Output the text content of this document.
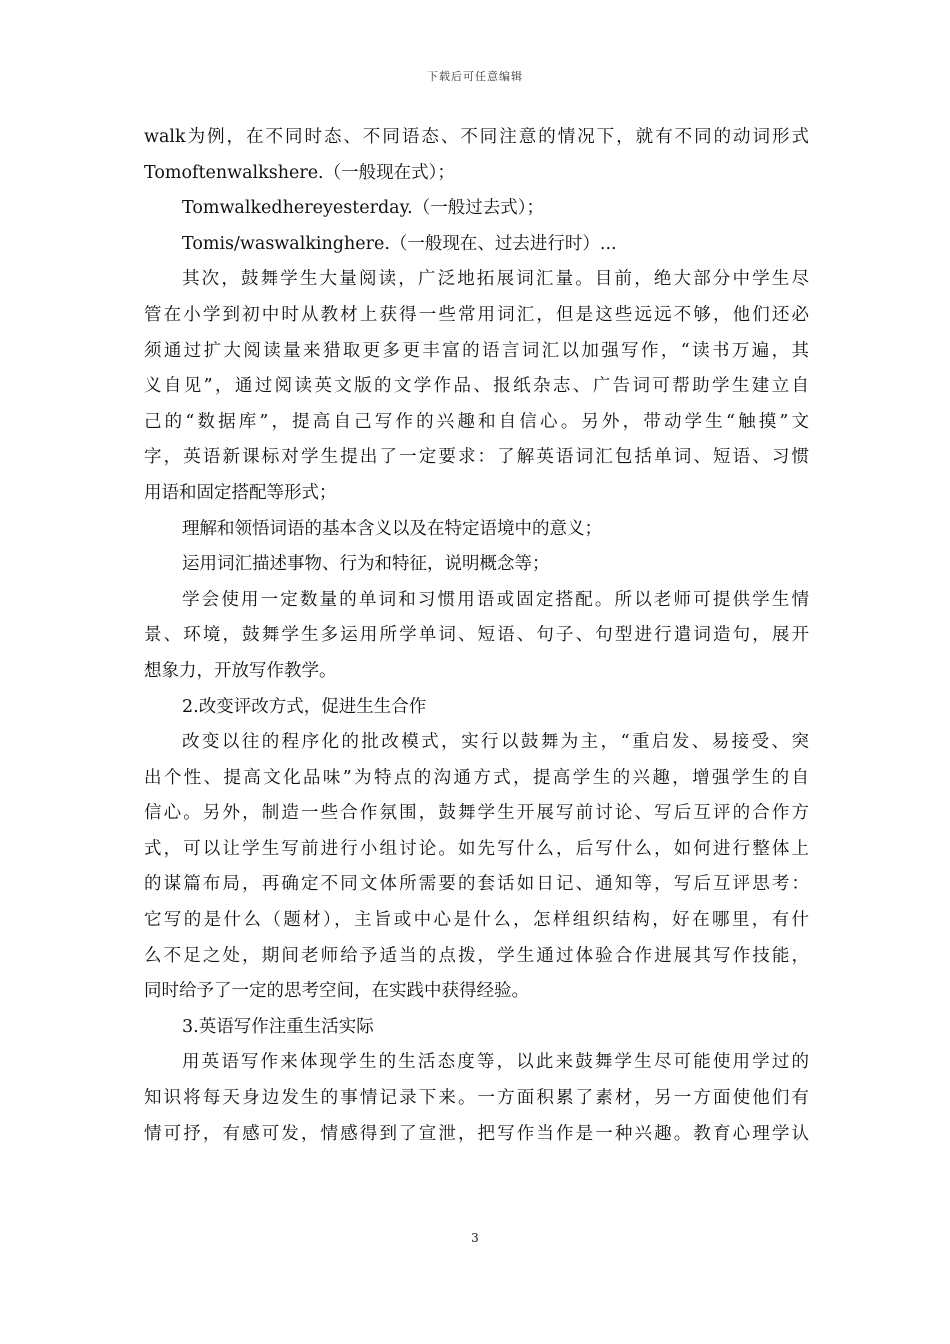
下载后可任意编辑
walk为例，在不同时态、不同语态、不同注意的情况下，就有不同的动词形式
Tomoftenwalkshere.（一般现在式）；
Tomwalkedhereyesterday.（一般过去式）；
Tomis/waswalkinghere.（一般现在、过去进行时）...
其次，鼓舞学生大量阅读，广泛地拓展词汇量。目前，绝大部分中学生尽
管在小学到初中时从教材上获得一些常用词汇，但是这些远远不够，他们还必
须通过扩大阅读量来猎取更多更丰富的语言词汇以加强写作，“读书万遍，其
义自见”，通过阅读英文版的文学作品、报纸杂志、广告词可帮助学生建立自
己的“数据库”，提高自己写作的兴趣和自信心。另外，带动学生“触摸”文
字，英语新课标对学生提出了一定要求：了解英语词汇包括单词、短语、习惯
用语和固定搭配等形式；
理解和领悟词语的基本含义以及在特定语境中的意义；
运用词汇描述事物、行为和特征，说明概念等；
学会使用一定数量的单词和习惯用语或固定搭配。所以老师可提供学生情
景、环境，鼓舞学生多运用所学单词、短语、句子、句型进行遣词造句，展开
想象力，开放写作教学。
2.改变评改方式，促进生生合作
改变以往的程序化的批改模式，实行以鼓舞为主，“重启发、易接受、突
出个性、提高文化品味”为特点的沟通方式，提高学生的兴趣，增强学生的自
信心。另外，制造一些合作氛围，鼓舞学生开展写前讨论、写后互评的合作方
式，可以让学生写前进行小组讨论。如先写什么，后写什么，如何进行整体上
的谋篇布局，再确定不同文体所需要的套话如日记、通知等，写后互评思考：
它写的是什么（题材），主旨或中心是什么，怎样组织结构，好在哪里，有什
么不足之处，期间老师给予适当的点拨，学生通过体验合作进展其写作技能，
同时给予了一定的思考空间，在实践中获得经验。
3.英语写作注重生活实际
用英语写作来体现学生的生活态度等，以此来鼓舞学生尽可能使用学过的
知识将每天身边发生的事情记录下来。一方面积累了素材，另一方面使他们有
情可抒，有感可发，情感得到了宣泄，把写作当作是一种兴趣。教育心理学认
3
